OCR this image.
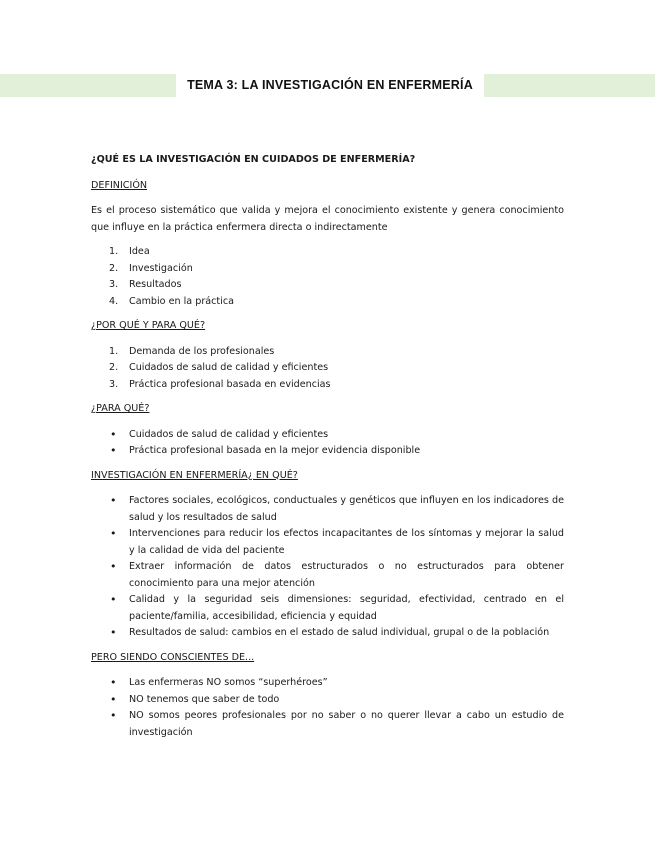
TEMA 3: LA INVESTIGACIÓN EN ENFERMERÍA
¿QUÉ ES LA INVESTIGACIÓN EN CUIDADOS DE ENFERMERÍA?
DEFINICIÓN
Es el proceso sistemático que valida y mejora el conocimiento existente y genera conocimiento que influye en la práctica enfermera directa o indirectamente
1. Idea
2. Investigación
3. Resultados
4. Cambio en la práctica
¿POR QUÉ Y PARA QUÉ?
1. Demanda de los profesionales
2. Cuidados de salud de calidad y eficientes
3. Práctica profesional basada en evidencias
¿PARA QUÉ?
• Cuidados de salud de calidad y eficientes
• Práctica profesional basada en la mejor evidencia disponible
INVESTIGACIÓN EN ENFERMERÍA¿ EN QUÉ?
• Factores sociales, ecológicos, conductuales y genéticos que influyen en los indicadores de salud y los resultados de salud
• Intervenciones para reducir los efectos incapacitantes de los síntomas y mejorar la salud y la calidad de vida del paciente
• Extraer información de datos estructurados o no estructurados para obtener conocimiento para una mejor atención
• Calidad y la seguridad seis dimensiones: seguridad, efectividad, centrado en el paciente/familia, accesibilidad, eficiencia y equidad
• Resultados de salud: cambios en el estado de salud individual, grupal o de la población
PERO SIENDO CONSCIENTES DE...
• Las enfermeras NO somos “superhéroes”
• NO tenemos que saber de todo
• NO somos peores profesionales por no saber o no querer llevar a cabo un estudio de investigación
